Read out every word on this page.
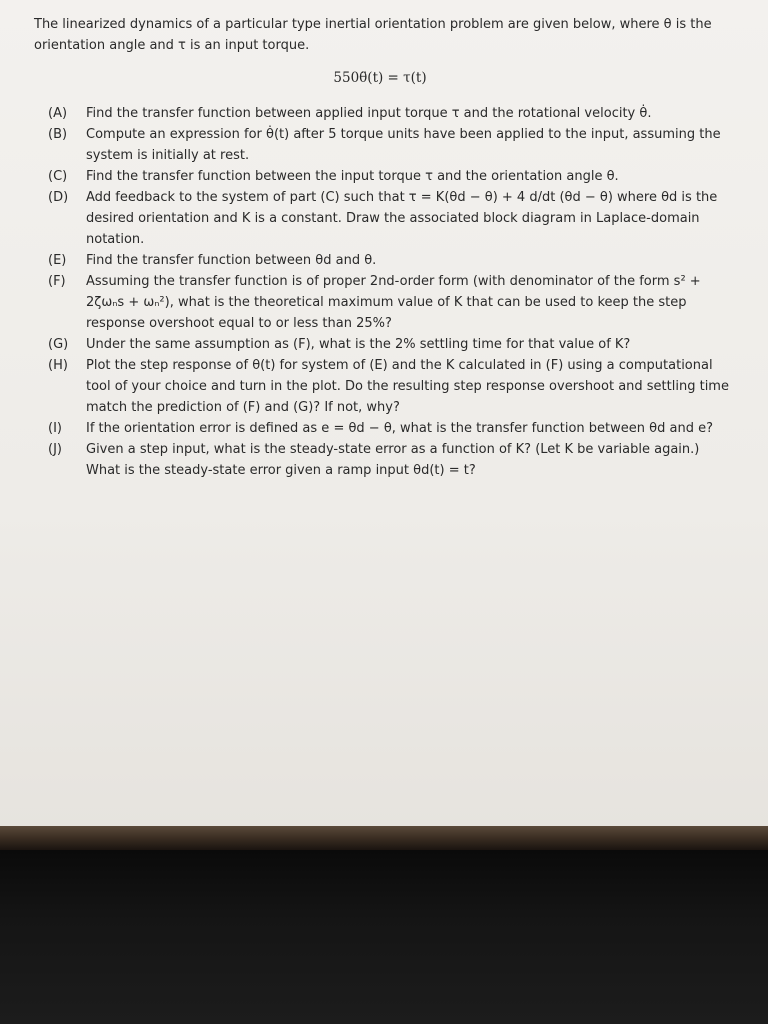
The linearized dynamics of a particular type inertial orientation problem are given below, where θ is the orientation angle and τ is an input torque.

550θ̈(t) = τ(t)
(A)	Find the transfer function between applied input torque τ and the rotational velocity θ̇.
(B)	Compute an expression for θ̇(t) after 5 torque units have been applied to the input, assuming the system is initially at rest.
(C)	Find the transfer function between the input torque τ and the orientation angle θ.
(D)	Add feedback to the system of part (C) such that τ = K(θd − θ) + 4 d/dt (θd − θ) where θd is the desired orientation and K is a constant. Draw the associated block diagram in Laplace-domain notation.
(E)	Find the transfer function between θd and θ.
(F)	Assuming the transfer function is of proper 2nd-order form (with denominator of the form s² + 2ζωₙs + ωₙ²), what is the theoretical maximum value of K that can be used to keep the step response overshoot equal to or less than 25%?
(G)	Under the same assumption as (F), what is the 2% settling time for that value of K?
(H)	Plot the step response of θ(t) for system of (E) and the K calculated in (F) using a computational tool of your choice and turn in the plot. Do the resulting step response overshoot and settling time match the prediction of (F) and (G)? If not, why?
(I)	If the orientation error is defined as e = θd − θ, what is the transfer function between θd and e?
(J)	Given a step input, what is the steady-state error as a function of K? (Let K be variable again.) What is the steady-state error given a ramp input θd(t) = t?
